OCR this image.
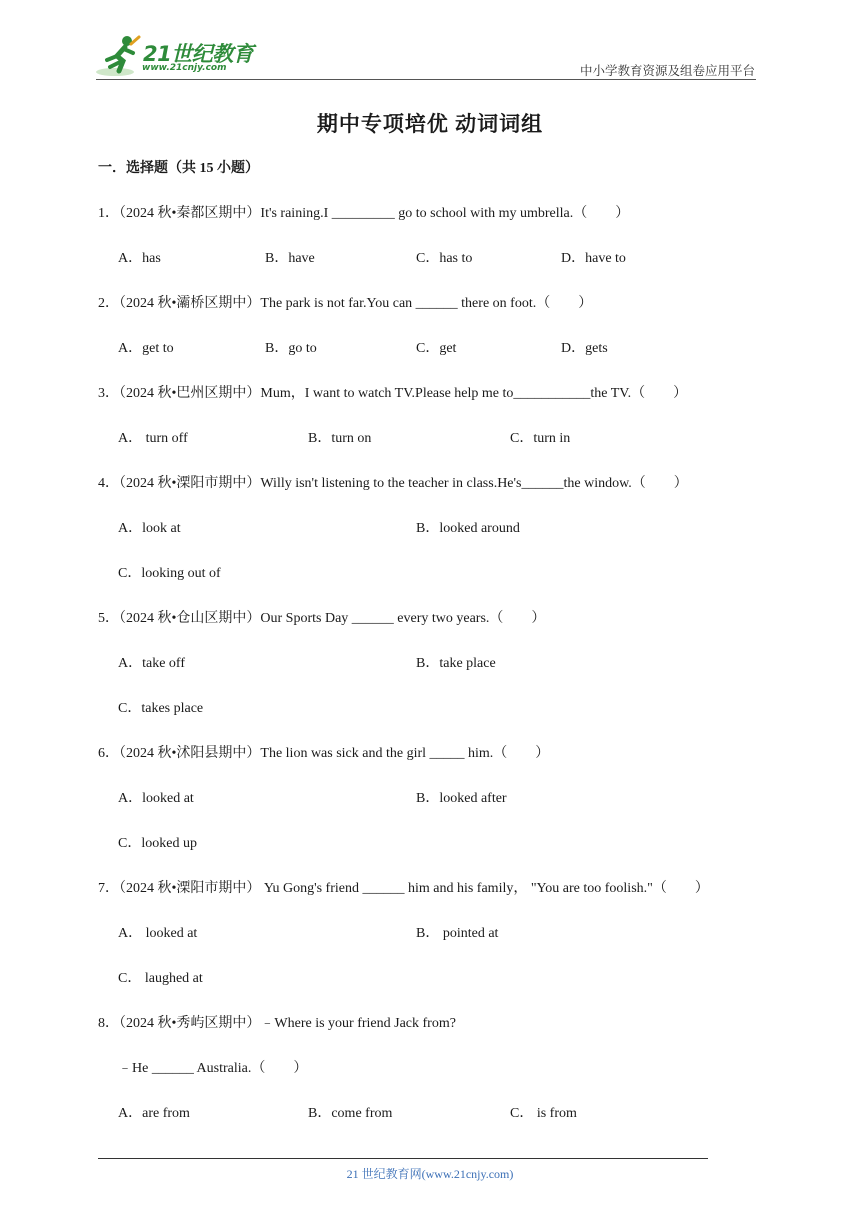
21世纪教育
www.21cnjy.com	中小学教育资源及组卷应用平台
期中专项培优 动词词组
一．选择题（共 15 小题）
1．（2024 秋•秦都区期中）It's raining.I _________ go to school with my umbrella.（　　）
A．has	B．have	C．has to	D．have to
2．（2024 秋•灞桥区期中）The park is not far.You can ______ there on foot.（　　）
A．get to	B．go to	C．get	D．gets
3．（2024 秋•巴州区期中）Mum，I want to watch TV.Please help me to___________the TV.（　　）
A． turn off	B．turn on	C．turn in
4．（2024 秋•溧阳市期中）Willy isn't listening to the teacher in class.He's______the window.（　　）
A．look at	B．looked around
C．looking out of
5．（2024 秋•仓山区期中）Our Sports Day ______ every two years.（　　）
A．take off	B．take place
C．takes place
6．（2024 秋•沭阳县期中）The lion was sick and the girl _____ him.（　　）
A．looked at	B．looked after
C．looked up
7．（2024 秋•溧阳市期中） Yu Gong's friend ______ him and his family， "You are too foolish."（　　）
A． looked at	B． pointed at
C． laughed at
8．（2024 秋•秀屿区期中）﹣Where is your friend Jack from?
﹣He ______ Australia.（　　）
A．are from	B．come from	C． is from
21 世纪教育网(www.21cnjy.com)
